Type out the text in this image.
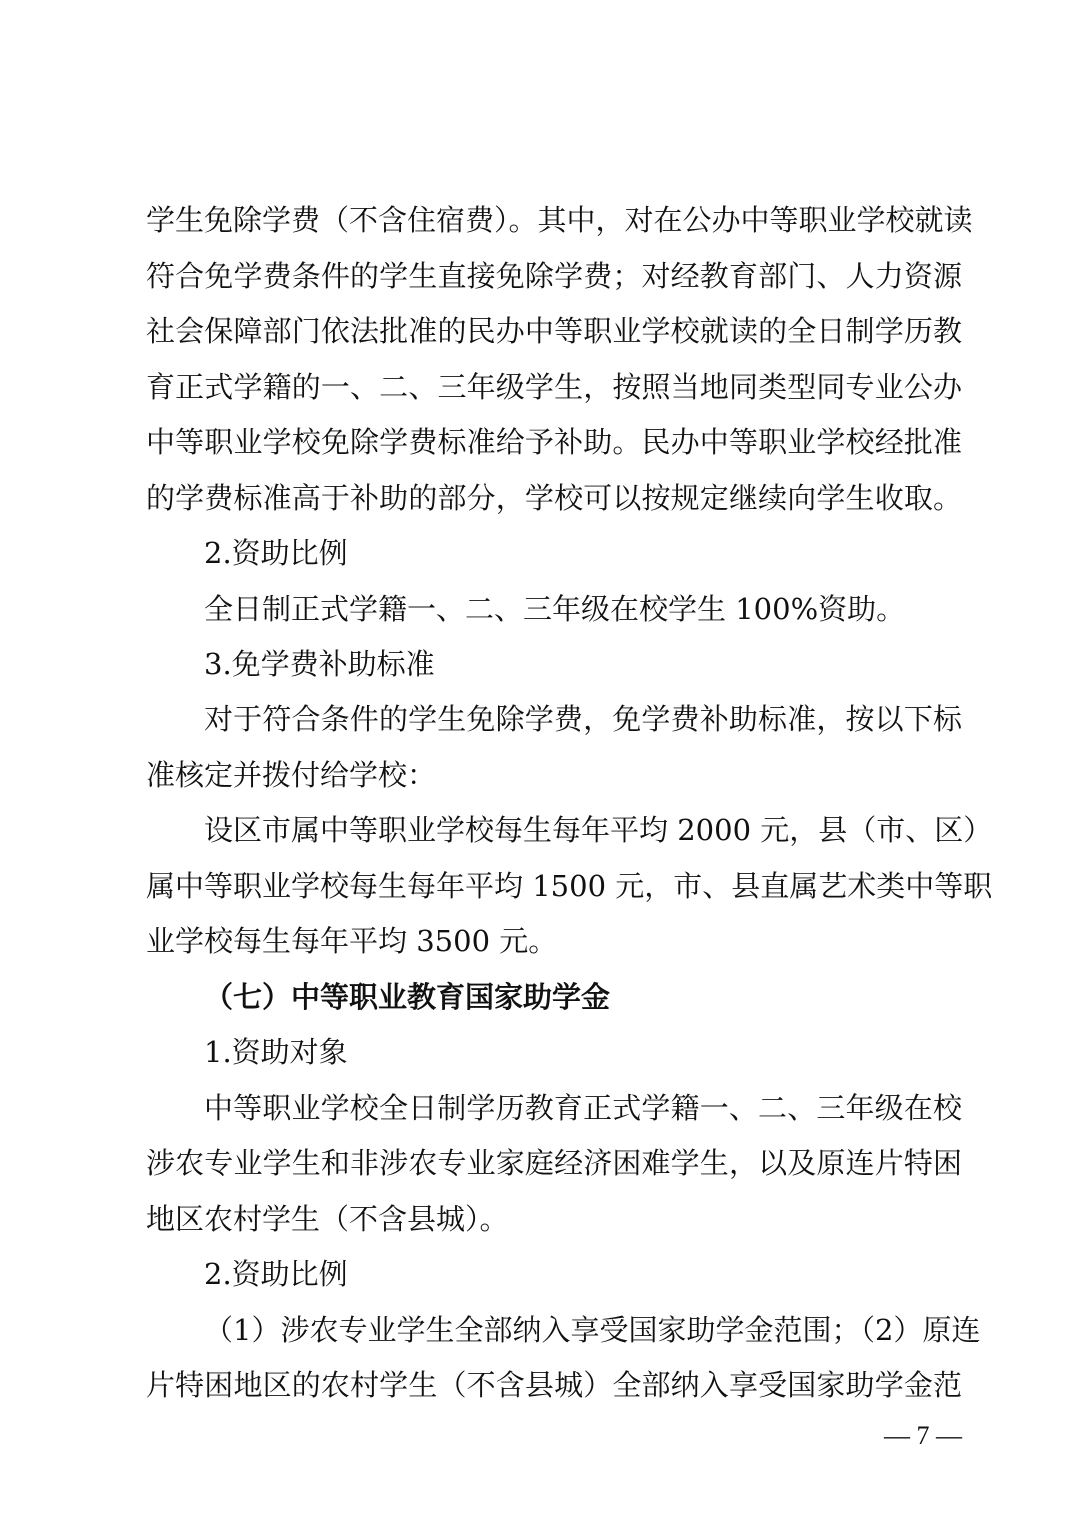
学生免除学费（不含住宿费）。其中，对在公办中等职业学校就读
符合免学费条件的学生直接免除学费；对经教育部门、人力资源
社会保障部门依法批准的民办中等职业学校就读的全日制学历教
育正式学籍的一、二、三年级学生，按照当地同类型同专业公办
中等职业学校免除学费标准给予补助。民办中等职业学校经批准
的学费标准高于补助的部分，学校可以按规定继续向学生收取。
2.资助比例
全日制正式学籍一、二、三年级在校学生 100%资助。
3.免学费补助标准
对于符合条件的学生免除学费，免学费补助标准，按以下标
准核定并拨付给学校：
设区市属中等职业学校每生每年平均 2000 元，县（市、区）
属中等职业学校每生每年平均 1500 元，市、县直属艺术类中等职
业学校每生每年平均 3500 元。
（七）中等职业教育国家助学金
1.资助对象
中等职业学校全日制学历教育正式学籍一、二、三年级在校
涉农专业学生和非涉农专业家庭经济困难学生，以及原连片特困
地区农村学生（不含县城）。
2.资助比例
（1）涉农专业学生全部纳入享受国家助学金范围；（2）原连
片特困地区的农村学生（不含县城）全部纳入享受国家助学金范
— 7 —
